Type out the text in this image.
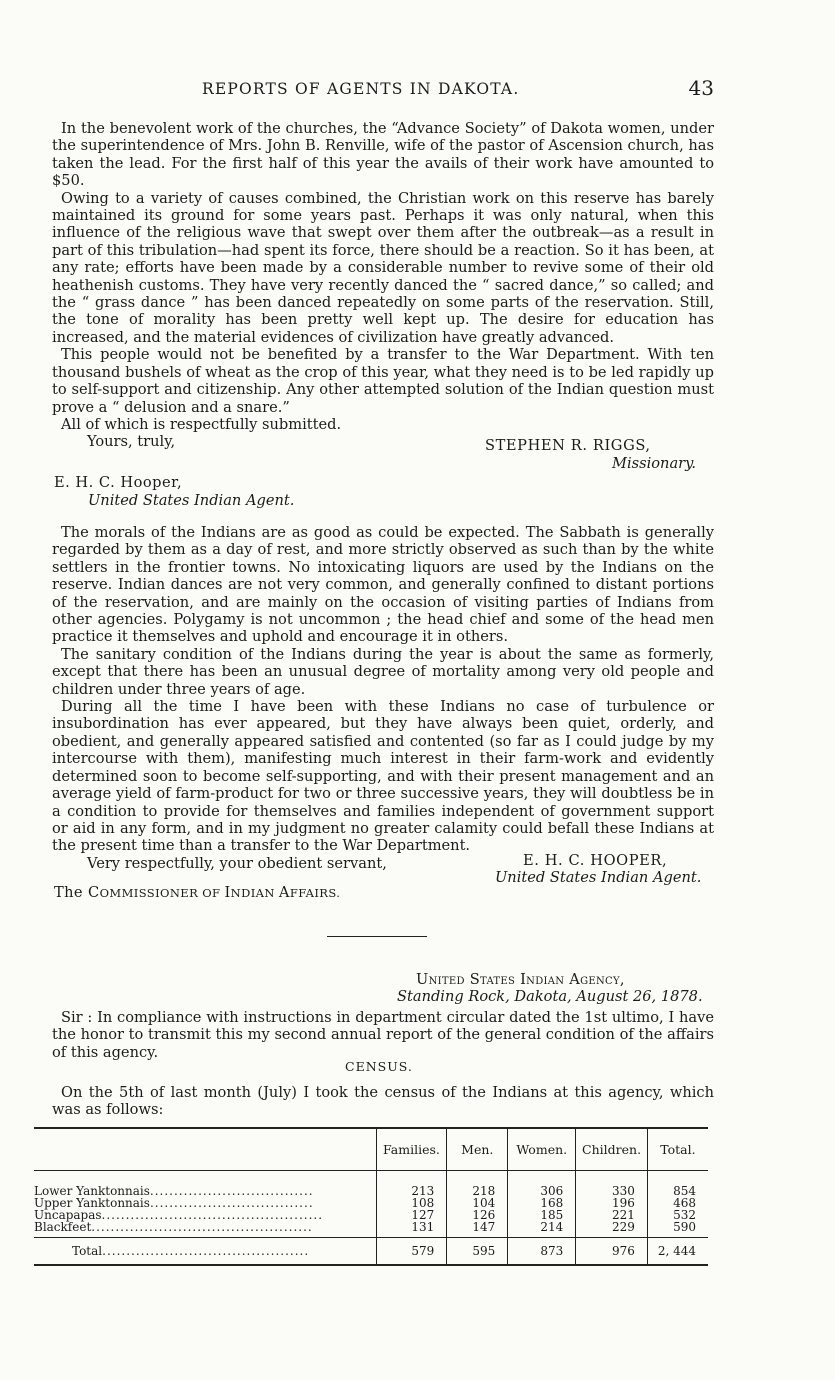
REPORTS OF AGENTS IN DAKOTA.	43

In the benevolent work of the churches, the “Advance Society” of Dakota women, under the superintendence of Mrs. John B. Renville, wife of the pastor of Ascension church, has taken the lead. For the first half of this year the avails of their work have amounted to $50.

Owing to a variety of causes combined, the Christian work on this reserve has barely maintained its ground for some years past. Perhaps it was only natural, when this influence of the religious wave that swept over them after the outbreak—as a result in part of this tribulation—had spent its force, there should be a reaction. So it has been, at any rate; efforts have been made by a considerable number to revive some of their old heathenish customs. They have very recently danced the “ sacred dance,” so called; and the “ grass dance ” has been danced repeatedly on some parts of the reservation. Still, the tone of morality has been pretty well kept up. The desire for education has increased, and the material evidences of civilization have greatly advanced.

This people would not be benefited by a transfer to the War Department. With ten thousand bushels of wheat as the crop of this year, what they need is to be led rapidly up to self-support and citizenship. Any other attempted solution of the Indian question must prove a “ delusion and a snare.”

All of which is respectfully submitted.

Yours, truly,	STEPHEN R. RIGGS,
Missionary.
E. H. C. Hooper,
United States Indian Agent.

The morals of the Indians are as good as could be expected. The Sabbath is generally regarded by them as a day of rest, and more strictly observed as such than by the white settlers in the frontier towns. No intoxicating liquors are used by the Indians on the reserve. Indian dances are not very common, and generally confined to distant portions of the reservation, and are mainly on the occasion of visiting parties of Indians from other agencies. Polygamy is not uncommon ; the head chief and some of the head men practice it themselves and uphold and encourage it in others.

The sanitary condition of the Indians during the year is about the same as formerly, except that there has been an unusual degree of mortality among very old people and children under three years of age.

During all the time I have been with these Indians no case of turbulence or insubordination has ever appeared, but they have always been quiet, orderly, and obedient, and generally appeared satisfied and contented (so far as I could judge by my intercourse with them), manifesting much interest in their farm-work and evidently determined soon to become self-supporting, and with their present management and an average yield of farm-product for two or three successive years, they will doubtless be in a condition to provide for themselves and families independent of government support or aid in any form, and in my judgment no greater calamity could befall these Indians at the present time than a transfer to the War Department.

Very respectfully, your obedient servant,	E. H. C. HOOPER,
United States Indian Agent.
The COMMISSIONER OF INDIAN AFFAIRS.
United States Indian Agency,
Standing Rock, Dakota, August 26, 1878.

Sir : In compliance with instructions in department circular dated the 1st ultimo, I have the honor to transmit this my second annual report of the general condition of the affairs of this agency.

CENSUS.

On the 5th of last month (July) I took the census of the Indians at this agency, which was as follows:

	Families.	Men.	Women.	Children.	Total.

Lower Yanktonnais..................................	213	218	306	330	854
Upper Yanktonnais..................................	108	104	168	196	468
Uncapapas..............................................	127	126	185	221	532
Blackfeet..............................................	131	147	214	229	590
Total...........................................	579	595	873	976	2, 444
